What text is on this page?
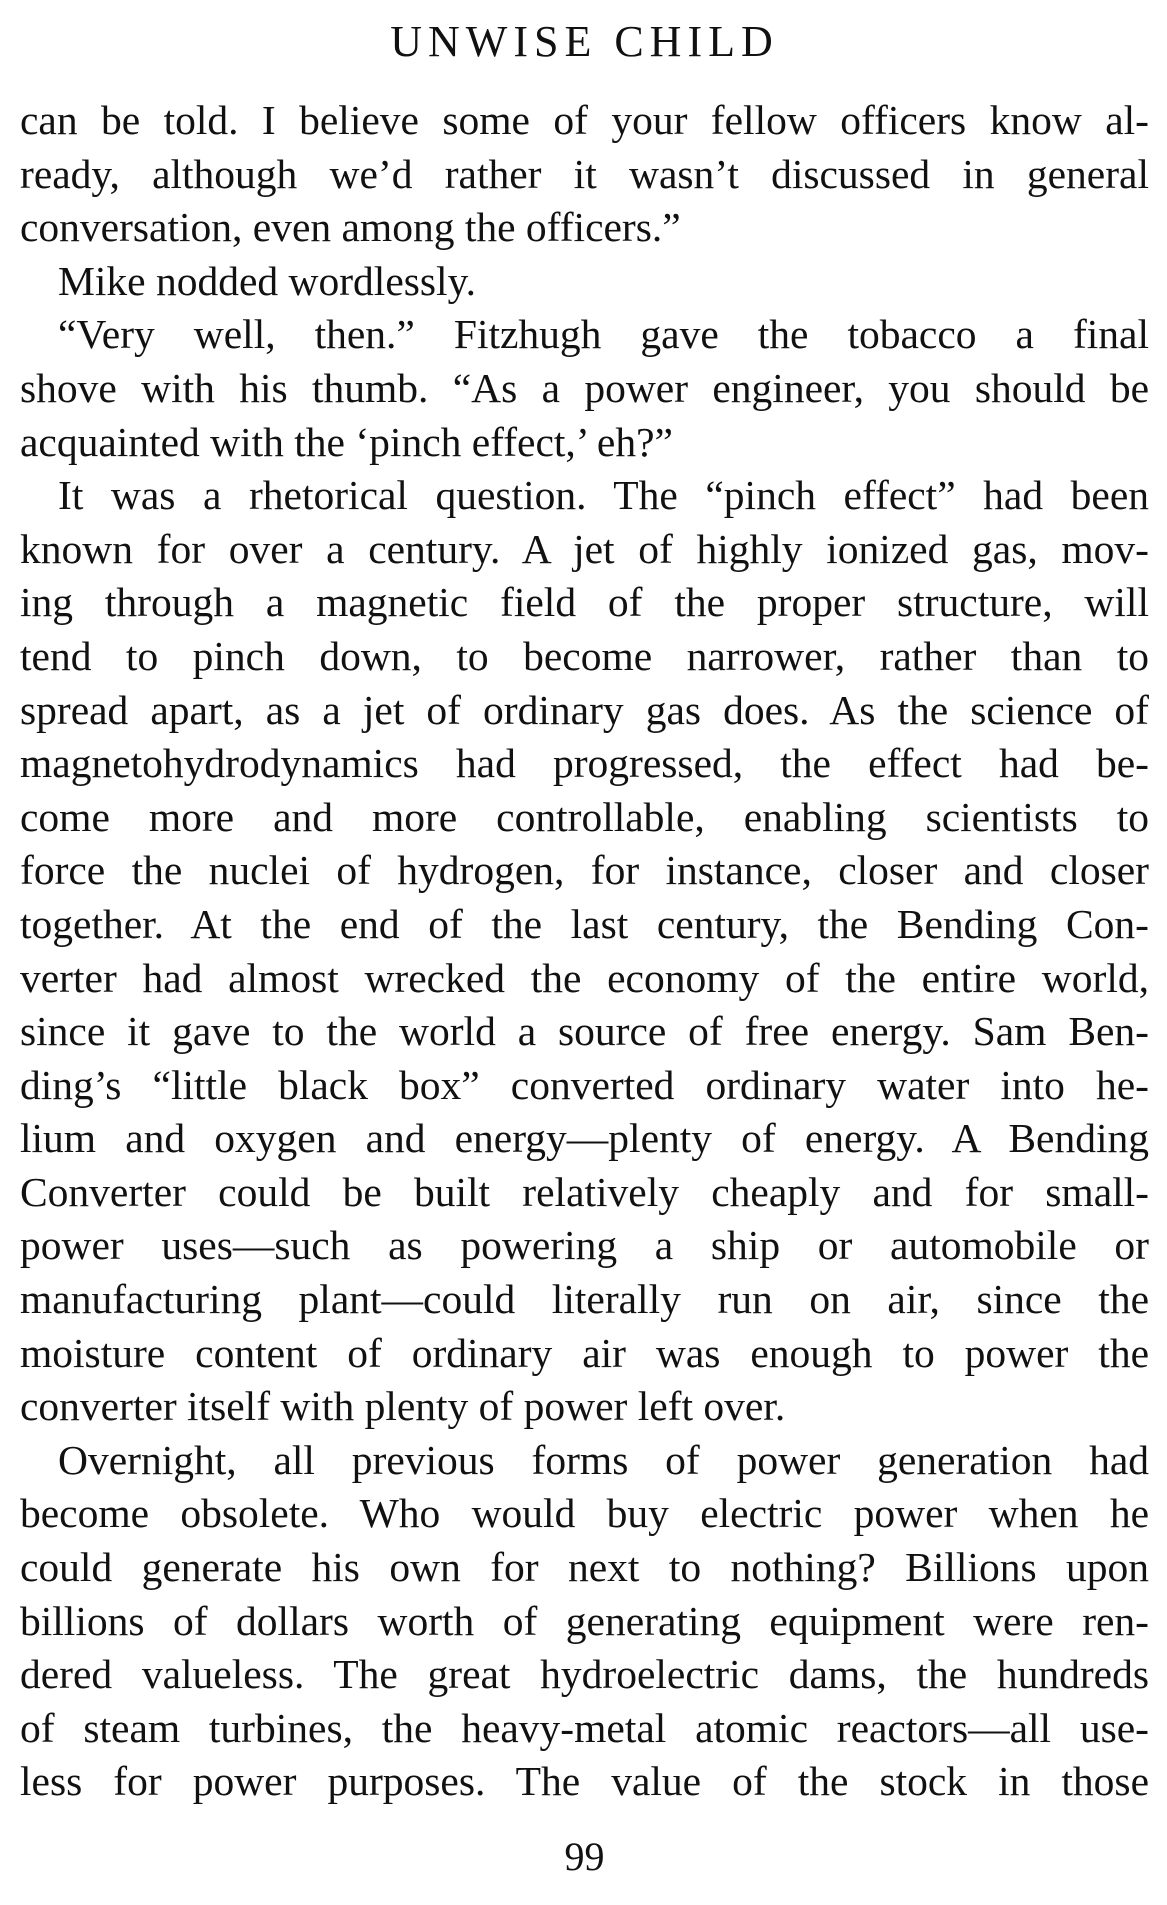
UNWISE CHILD
can be told. I believe some of your fellow officers know al-
ready, although we’d rather it wasn’t discussed in general
conversation, even among the officers.”
Mike nodded wordlessly.
“Very well, then.” Fitzhugh gave the tobacco a final
shove with his thumb. “As a power engineer, you should be
acquainted with the ‘pinch effect,’ eh?”
It was a rhetorical question. The “pinch effect” had been
known for over a century. A jet of highly ionized gas, mov-
ing through a magnetic field of the proper structure, will
tend to pinch down, to become narrower, rather than to
spread apart, as a jet of ordinary gas does. As the science of
magnetohydrodynamics had progressed, the effect had be-
come more and more controllable, enabling scientists to
force the nuclei of hydrogen, for instance, closer and closer
together. At the end of the last century, the Bending Con-
verter had almost wrecked the economy of the entire world,
since it gave to the world a source of free energy. Sam Ben-
ding’s “little black box” converted ordinary water into he-
lium and oxygen and energy—plenty of energy. A Bending
Converter could be built relatively cheaply and for small-
power uses—such as powering a ship or automobile or
manufacturing plant—could literally run on air, since the
moisture content of ordinary air was enough to power the
converter itself with plenty of power left over.
Overnight, all previous forms of power generation had
become obsolete. Who would buy electric power when he
could generate his own for next to nothing? Billions upon
billions of dollars worth of generating equipment were ren-
dered valueless. The great hydroelectric dams, the hundreds
of steam turbines, the heavy-metal atomic reactors—all use-
less for power purposes. The value of the stock in those
99
